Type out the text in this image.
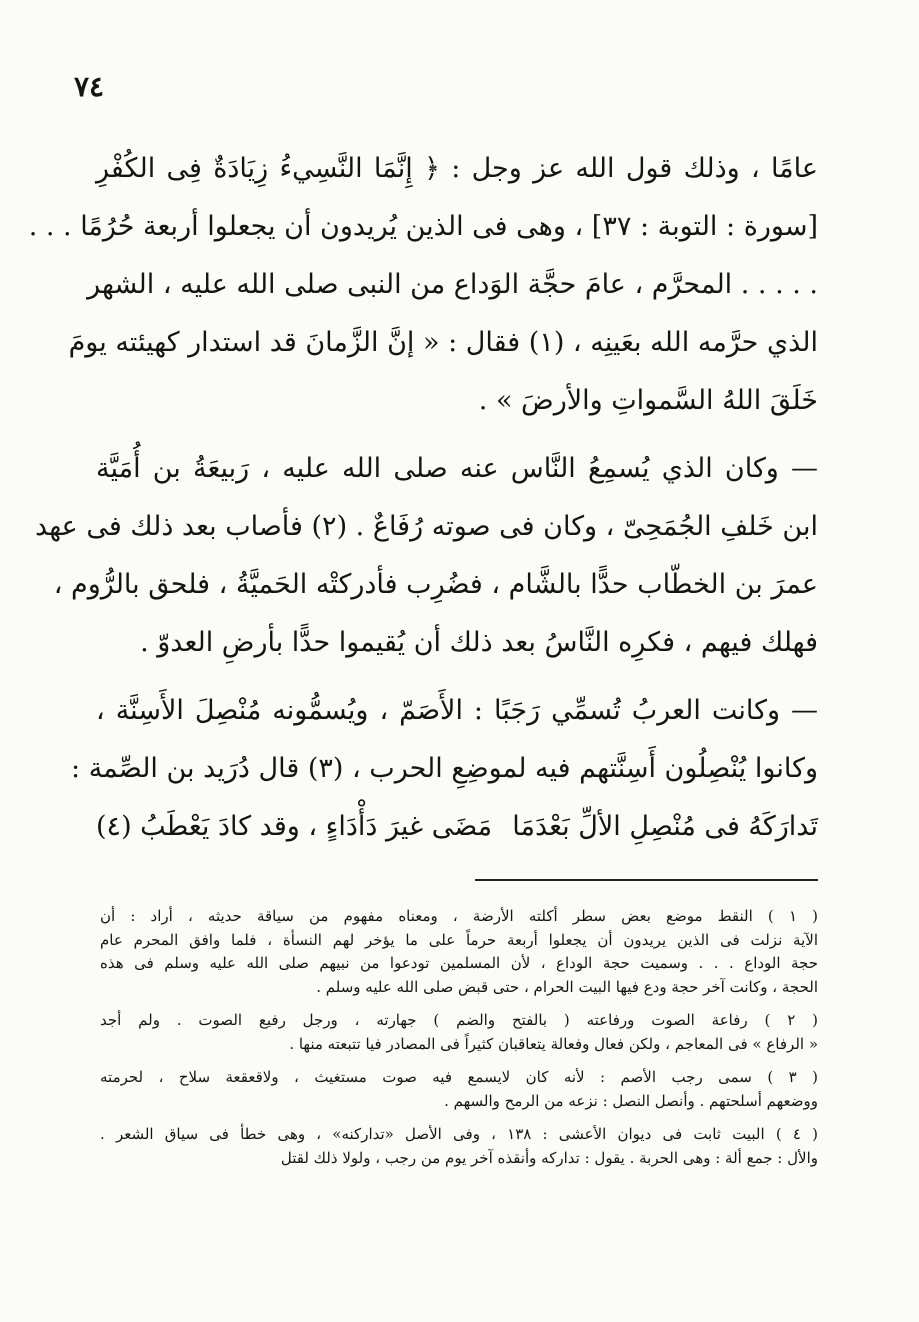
٧٤
عامًا ، وذلك قول الله عز وجل : ﴿ إِنَّمَا النَّسِيءُ زِيَادَةٌ فِى الكُفْرِ
[سورة : التوبة : ٣٧] ، وهى فى الذين يُريدون أن يجعلوا أربعة حُرُمًا . . .
. . . . . المحرَّم ، عامَ حجَّة الوَداع من النبى صلى الله عليه ، الشهر
الذي حرَّمه الله بعَينِه ، (١) فقال : « إنَّ الزَّمانَ قد استدار كهيئته يومَ
خَلَقَ اللهُ السَّمواتِ والأرضَ » .
— وكان الذي يُسمِعُ النَّاس عنه صلى الله عليه ، رَبيعَةُ بن أُمَيَّة
ابن خَلفِ الجُمَحِىّ ، وكان فى صوته رُفَاعٌ . (٢) فأصاب بعد ذلك فى عهد
عمرَ بن الخطّاب حدًّا بالشَّام ، فضُرِب فأدركتْه الحَميَّةُ ، فلحق بالرُّوم ،
فهلك فيهم ، فكرِه النَّاسُ بعد ذلك أن يُقيموا حدًّا بأرضِ العدوّ .
— وكانت العربُ تُسمِّي رَجَبًا : الأَصَمّ ، ويُسمُّونه مُنْصِلَ الأَسِنَّة ،
وكانوا يُنْصِلُون أَسِنَّتهم فيه لموضِعِ الحرب ، (٣) قال دُرَيد بن الصِّمة :
تَدارَكَهُ فى مُنْصِلِ الألِّ بَعْدَمَا
مَضَى غيرَ دَأْدَاءٍ ، وقد كادَ يَعْطَبُ (٤)
( ١ ) النقط موضع بعض سطر أكلته الأرضة ، ومعناه مفهوم من سياقة حديثه ، أراد : أن
الآية نزلت فى الذين يريدون أن يجعلوا أربعة حرماً على ما يؤخر لهم النسأة ، فلما وافق المحرم عام
حجة الوداع . . . وسميت حجة الوداع ، لأن المسلمين تودعوا من نبيهم صلى الله عليه وسلم فى هذه
الحجة ، وكانت آخر حجة ودع فيها البيت الحرام ، حتى قبض صلى الله عليه وسلم .
( ٢ ) رفاعة الصوت ورفاعته ( بالفتح والضم ) جهارته ، ورجل رفيع الصوت . ولم أجد
« الرفاع » فى المعاجم ، ولكن فعال وفعالة يتعاقبان كثيراً فى المصادر فيا تتبعته منها .
( ٣ ) سمى رجب الأصم : لأنه كان لايسمع فيه صوت مستغيث ، ولاقعقعة سلاح ، لحرمته
ووضعهم أسلحتهم . وأنصل النصل : نزعه من الرمح والسهم .
( ٤ ) البيت ثابت فى ديوان الأعشى : ١٣٨ ، وفى الأصل «تداركنه» ، وهى خطأ فى سياق الشعر .
والأل : جمع ألة : وهى الحربة . يقول : تداركه وأنقذه آخر يوم من رجب ، ولولا ذلك لقتل
